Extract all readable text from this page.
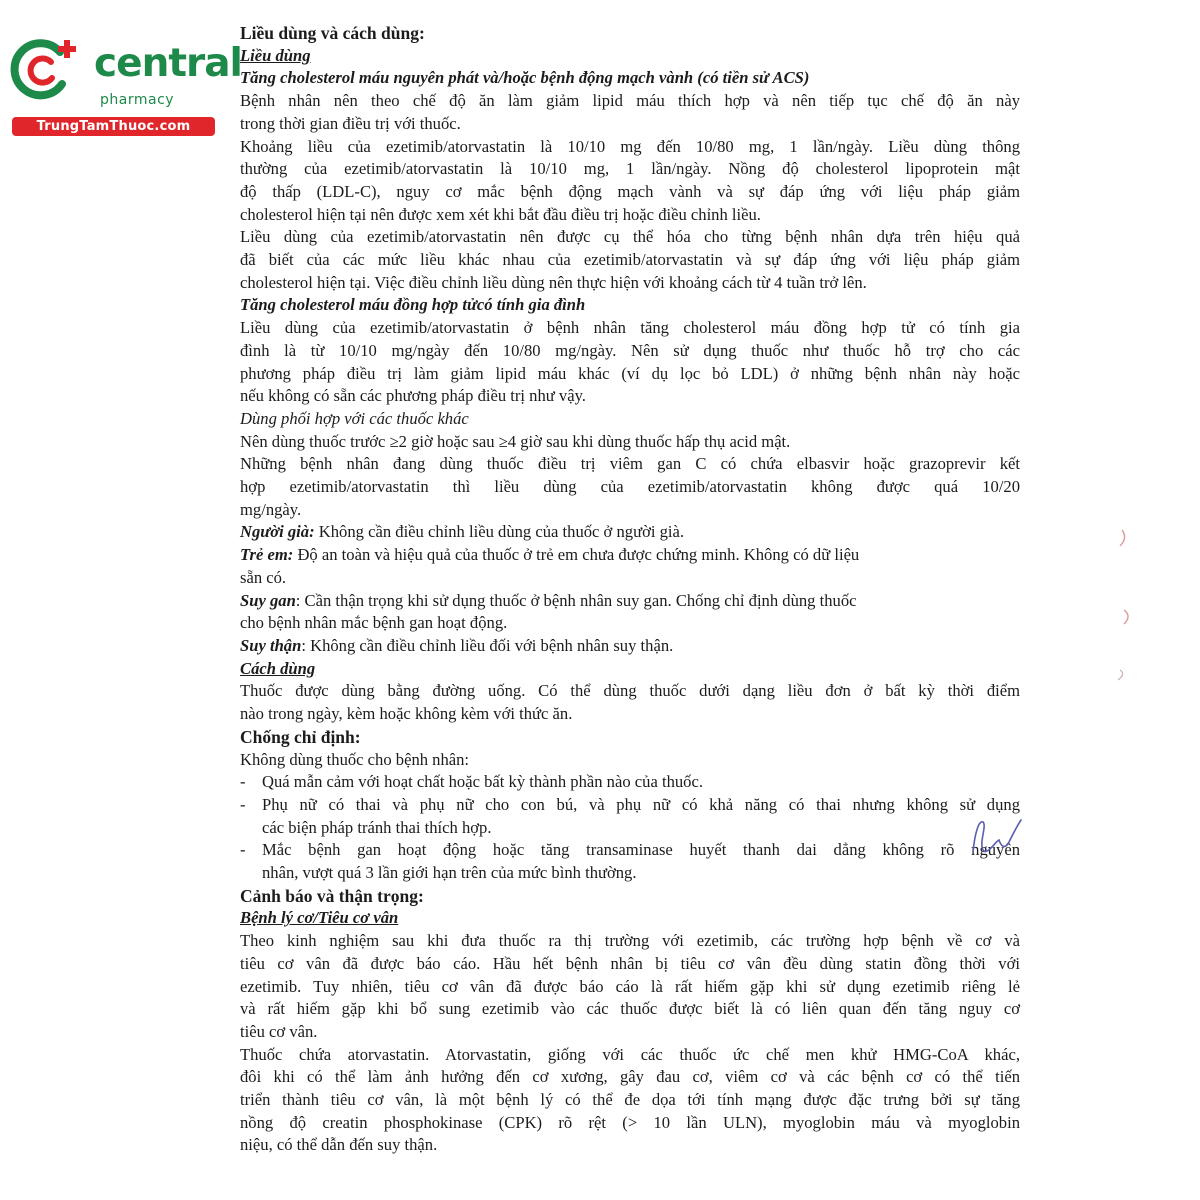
central
pharmacy
TrungTamThuoc.com
Liều dùng và cách dùng:
Liều dùng
Tăng cholesterol máu nguyên phát và/hoặc bệnh động mạch vành (có tiền sử ACS)
Bệnh nhân nên theo chế độ ăn làm giảm lipid máu thích hợp và nên tiếp tục chế độ ăn này
trong thời gian điều trị với thuốc.
Khoảng liều của ezetimib/atorvastatin là 10/10 mg đến 10/80 mg, 1 lần/ngày. Liều dùng thông
thường của ezetimib/atorvastatin là 10/10 mg, 1 lần/ngày. Nồng độ cholesterol lipoprotein mật
độ thấp (LDL-C), nguy cơ mắc bệnh động mạch vành và sự đáp ứng với liệu pháp giảm
cholesterol hiện tại nên được xem xét khi bắt đầu điều trị hoặc điều chỉnh liều.
Liều dùng của ezetimib/atorvastatin nên được cụ thể hóa cho từng bệnh nhân dựa trên hiệu quả
đã biết của các mức liều khác nhau của ezetimib/atorvastatin và sự đáp ứng với liệu pháp giảm
cholesterol hiện tại. Việc điều chỉnh liều dùng nên thực hiện với khoảng cách từ 4 tuần trở lên.
Tăng cholesterol máu đồng hợp tửcó tính gia đình
Liều dùng của ezetimib/atorvastatin ở bệnh nhân tăng cholesterol máu đồng hợp tử có tính gia
đình là từ 10/10 mg/ngày đến 10/80 mg/ngày. Nên sử dụng thuốc như thuốc hỗ trợ cho các
phương pháp điều trị làm giảm lipid máu khác (ví dụ lọc bỏ LDL) ở những bệnh nhân này hoặc
nếu không có sẵn các phương pháp điều trị như vậy.
Dùng phối hợp với các thuốc khác
Nên dùng thuốc trước ≥2 giờ hoặc sau ≥4 giờ sau khi dùng thuốc hấp thụ acid mật.
Những bệnh nhân đang dùng thuốc điều trị viêm gan C có chứa elbasvir hoặc grazoprevir kết
hợp ezetimib/atorvastatin thì liều dùng của ezetimib/atorvastatin không được quá 10/20
mg/ngày.
Người già: Không cần điều chỉnh liều dùng của thuốc ở người già.
Trẻ em: Độ an toàn và hiệu quả của thuốc ở trẻ em chưa được chứng minh. Không có dữ liệu
sẵn có.
Suy gan: Cần thận trọng khi sử dụng thuốc ở bệnh nhân suy gan. Chống chỉ định dùng thuốc
cho bệnh nhân mắc bệnh gan hoạt động.
Suy thận: Không cần điều chỉnh liều đối với bệnh nhân suy thận.
Cách dùng
Thuốc được dùng bằng đường uống. Có thể dùng thuốc dưới dạng liều đơn ở bất kỳ thời điểm
nào trong ngày, kèm hoặc không kèm với thức ăn.
Chống chỉ định:
Không dùng thuốc cho bệnh nhân:
- Quá mẫn cảm với hoạt chất hoặc bất kỳ thành phần nào của thuốc.
- Phụ nữ có thai và phụ nữ cho con bú, và phụ nữ có khả năng có thai nhưng không sử dụng
các biện pháp tránh thai thích hợp.
- Mắc bệnh gan hoạt động hoặc tăng transaminase huyết thanh dai dẳng không rõ nguyên
nhân, vượt quá 3 lần giới hạn trên của mức bình thường.
Cảnh báo và thận trọng:
Bệnh lý cơ/Tiêu cơ vân
Theo kinh nghiệm sau khi đưa thuốc ra thị trường với ezetimib, các trường hợp bệnh về cơ và
tiêu cơ vân đã được báo cáo. Hầu hết bệnh nhân bị tiêu cơ vân đều dùng statin đồng thời với
ezetimib. Tuy nhiên, tiêu cơ vân đã được báo cáo là rất hiếm gặp khi sử dụng ezetimib riêng lẻ
và rất hiếm gặp khi bổ sung ezetimib vào các thuốc được biết là có liên quan đến tăng nguy cơ
tiêu cơ vân.
Thuốc chứa atorvastatin. Atorvastatin, giống với các thuốc ức chế men khử HMG-CoA khác,
đôi khi có thể làm ảnh hưởng đến cơ xương, gây đau cơ, viêm cơ và các bệnh cơ có thể tiến
triển thành tiêu cơ vân, là một bệnh lý có thể đe dọa tới tính mạng được đặc trưng bởi sự tăng
nồng độ creatin phosphokinase (CPK) rõ rệt (> 10 lần ULN), myoglobin máu và myoglobin
niệu, có thể dẫn đến suy thận.
